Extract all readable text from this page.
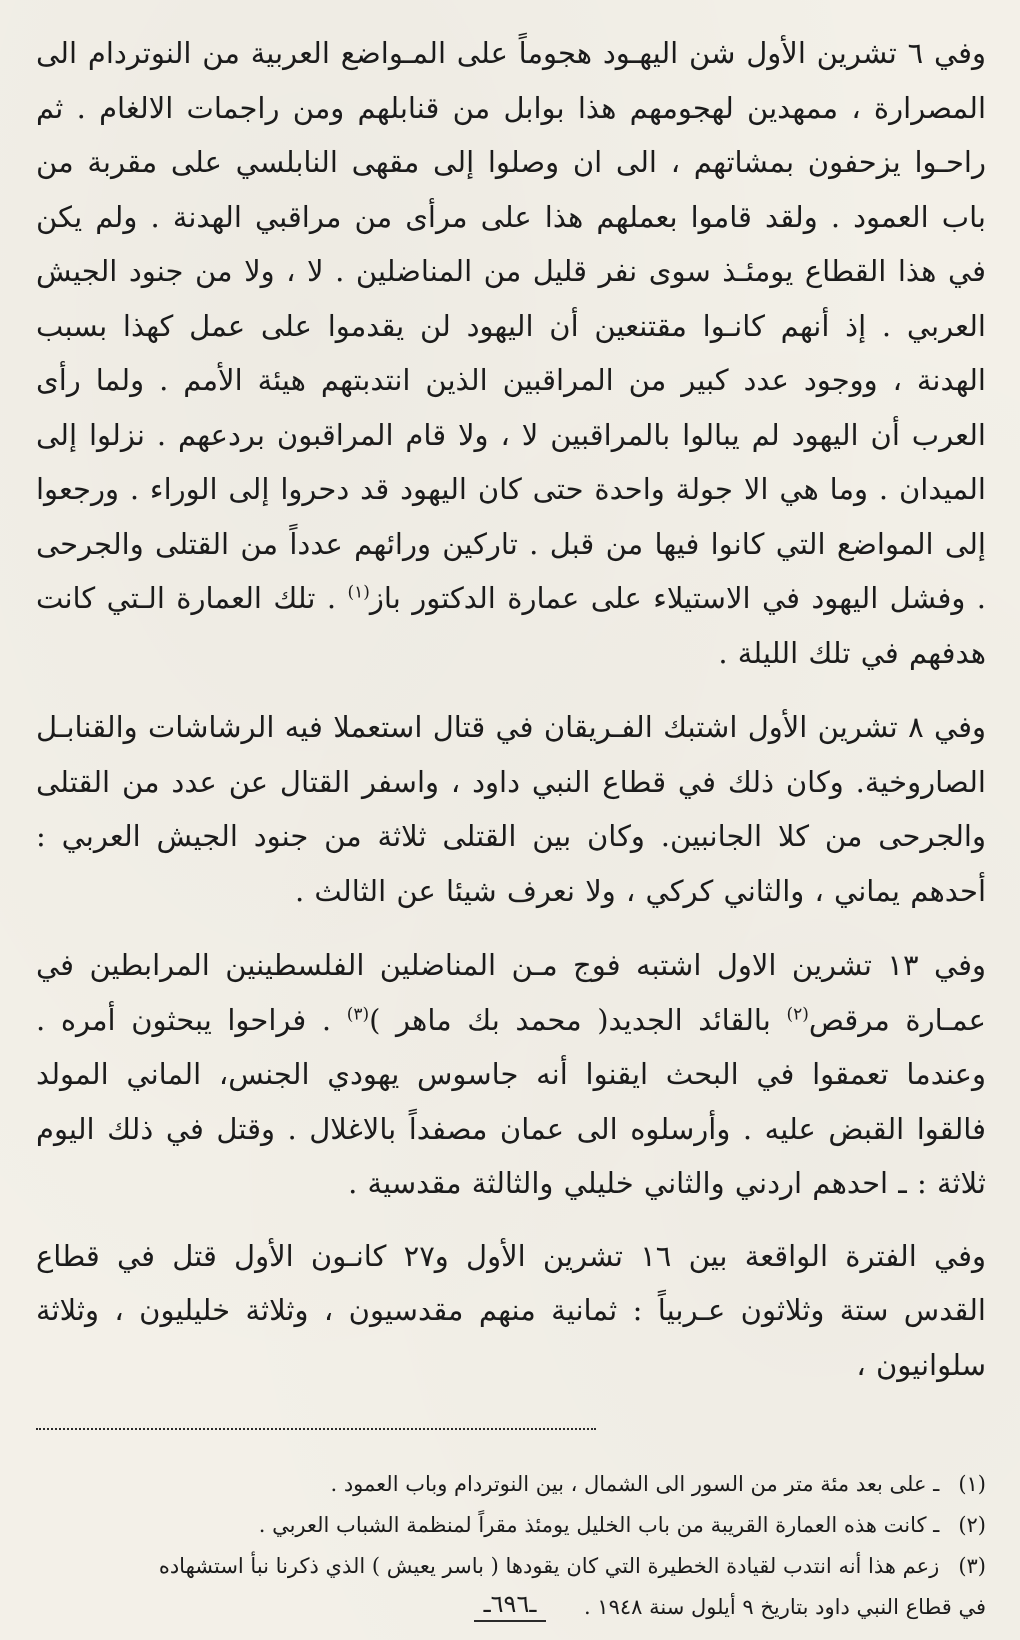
وفي ٦ تشرين الأول شن اليهـود هجوماً على المـواضع العربية من النوتردام الى المصرارة ، ممهدين لهجومهم هذا بوابل من قنابلهم ومن راجمات الالغام . ثم راحـوا يزحفون بمشاتهم ، الى ان وصلوا إلى مقهى النابلسي على مقربة من باب العمود . ولقد قاموا بعملهم هذا على مرأى من مراقبي الهدنة . ولم يكن في هذا القطاع يومئـذ سوى نفر قليل من المناضلين . لا ، ولا من جنود الجيش العربي . إذ أنهم كانـوا مقتنعين أن اليهود لن يقدموا على عمل كهذا بسبب الهدنة ، ووجود عدد كبير من المراقبين الذين انتدبتهم هيئة الأمم . ولما رأى العرب أن اليهود لم يبالوا بالمراقبين لا ، ولا قام المراقبون بردعهم . نزلوا إلى الميدان . وما هي الا جولة واحدة حتى كان اليهود قد دحروا إلى الوراء . ورجعوا إلى المواضع التي كانوا فيها من قبل . تاركين ورائهم عدداً من القتلى والجرحى . وفشل اليهود في الاستيلاء على عمارة الدكتور باز$^{(١)}$ . تلك العمارة الـتي كانت هدفهم في تلك الليلة .

وفي ٨ تشرين الأول اشتبك الفـريقان في قتال استعملا فيه الرشاشات والقنابـل الصاروخية. وكان ذلك في قطاع النبي داود ، واسفر القتال عن عدد من القتلى والجرحى من كلا الجانبين. وكان بين القتلى ثلاثة من جنود الجيش العربي : أحدهم يماني ، والثاني كركي ، ولا نعرف شيئا عن الثالث .

وفي ١٣ تشرين الاول اشتبه فوج مـن المناضلين الفلسطينين المرابطين في عمـارة مرقص$^{(٢)}$ بالقائد الجديد( محمد بك ماهر )$^{(٣)}$ . فراحوا يبحثون أمره . وعندما تعمقوا في البحث ايقنوا أنه جاسوس يهودي الجنس، الماني المولد فالقوا القبض عليه . وأرسلوه الى عمان مصفداً بالاغلال . وقتل في ذلك اليوم ثلاثة : ـ احدهم اردني والثاني خليلي والثالثة مقدسية .

وفي الفترة الواقعة بين ١٦ تشرين الأول و٢٧ كانـون الأول قتل في قطاع القدس ستة وثلاثون عـربياً : ثمانية منهم مقدسيون ، وثلاثة خليليون ، وثلاثة سلوانيون ،

(١) ـ على بعد مئة متر من السور الى الشمال ، بين النوتردام وباب العمود .

(٢) ـ كانت هذه العمارة القريبة من باب الخليل يومئذ مقراً لمنظمة الشباب العربي .

(٣) زعم هذا أنه انتدب لقيادة الخطيرة التي كان يقودها ( باسر يعيش ) الذي ذكرنا نبأ استشهاده

في قطاع النبي داود بتاريخ ٩ أيلول سنة ١٩٤٨ .

ـ٦٩٦ـ
